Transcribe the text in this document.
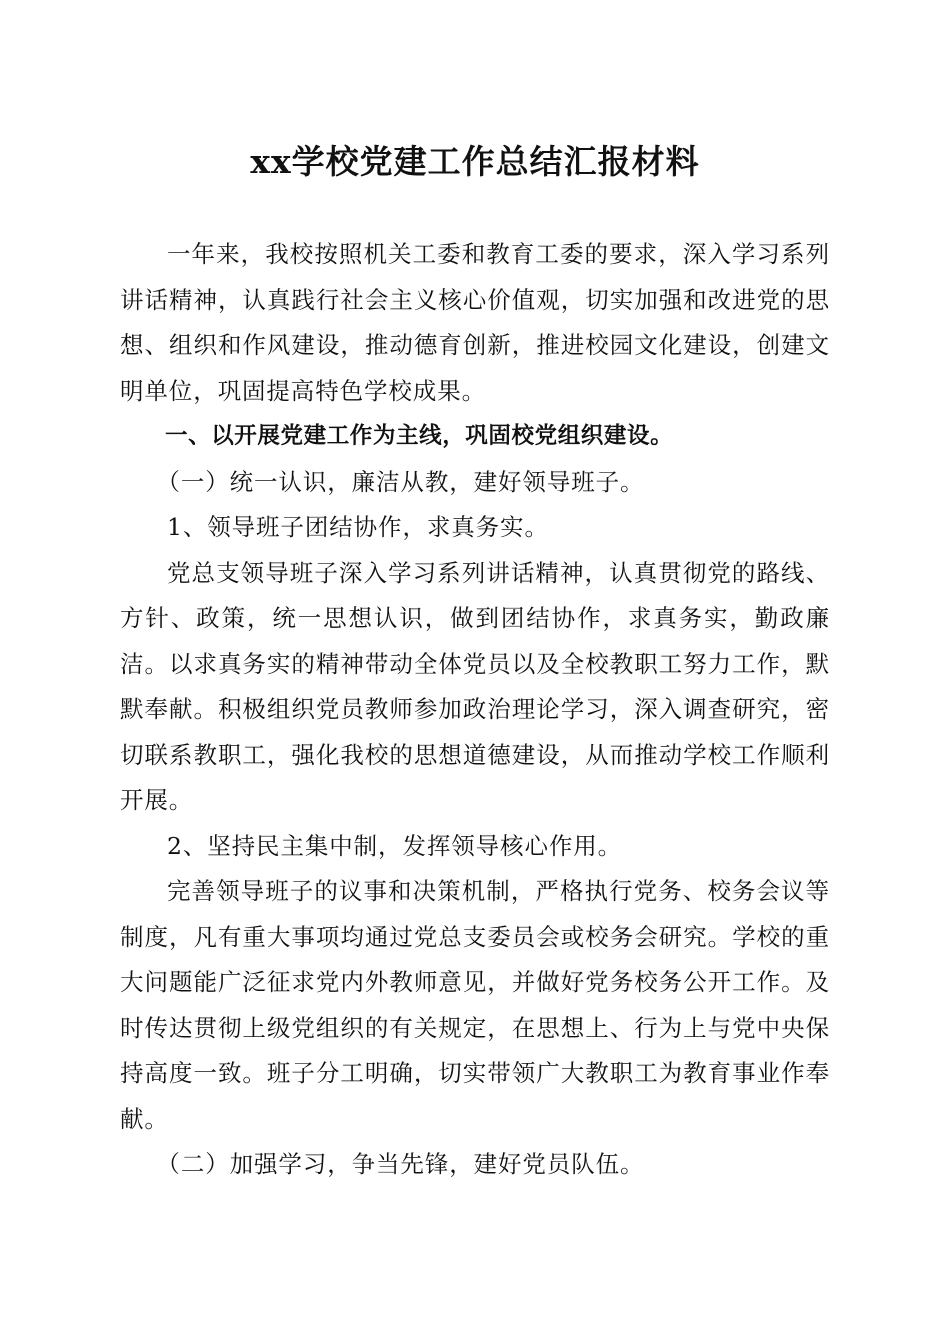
xx学校党建工作总结汇报材料

一年来，我校按照机关工委和教育工委的要求，深入学习系列讲话精神，认真践行社会主义核心价值观，切实加强和改进党的思想、组织和作风建设，推动德育创新，推进校园文化建设，创建文明单位，巩固提高特色学校成果。

一、以开展党建工作为主线，巩固校党组织建设。

（一）统一认识，廉洁从教，建好领导班子。

1、领导班子团结协作，求真务实。

党总支领导班子深入学习系列讲话精神，认真贯彻党的路线、方针、政策，统一思想认识，做到团结协作，求真务实，勤政廉洁。以求真务实的精神带动全体党员以及全校教职工努力工作，默默奉献。积极组织党员教师参加政治理论学习，深入调查研究，密切联系教职工，强化我校的思想道德建设，从而推动学校工作顺利开展。

2、坚持民主集中制，发挥领导核心作用。

完善领导班子的议事和决策机制，严格执行党务、校务会议等制度，凡有重大事项均通过党总支委员会或校务会研究。学校的重大问题能广泛征求党内外教师意见，并做好党务校务公开工作。及时传达贯彻上级党组织的有关规定，在思想上、行为上与党中央保持高度一致。班子分工明确，切实带领广大教职工为教育事业作奉献。

（二）加强学习，争当先锋，建好党员队伍。
